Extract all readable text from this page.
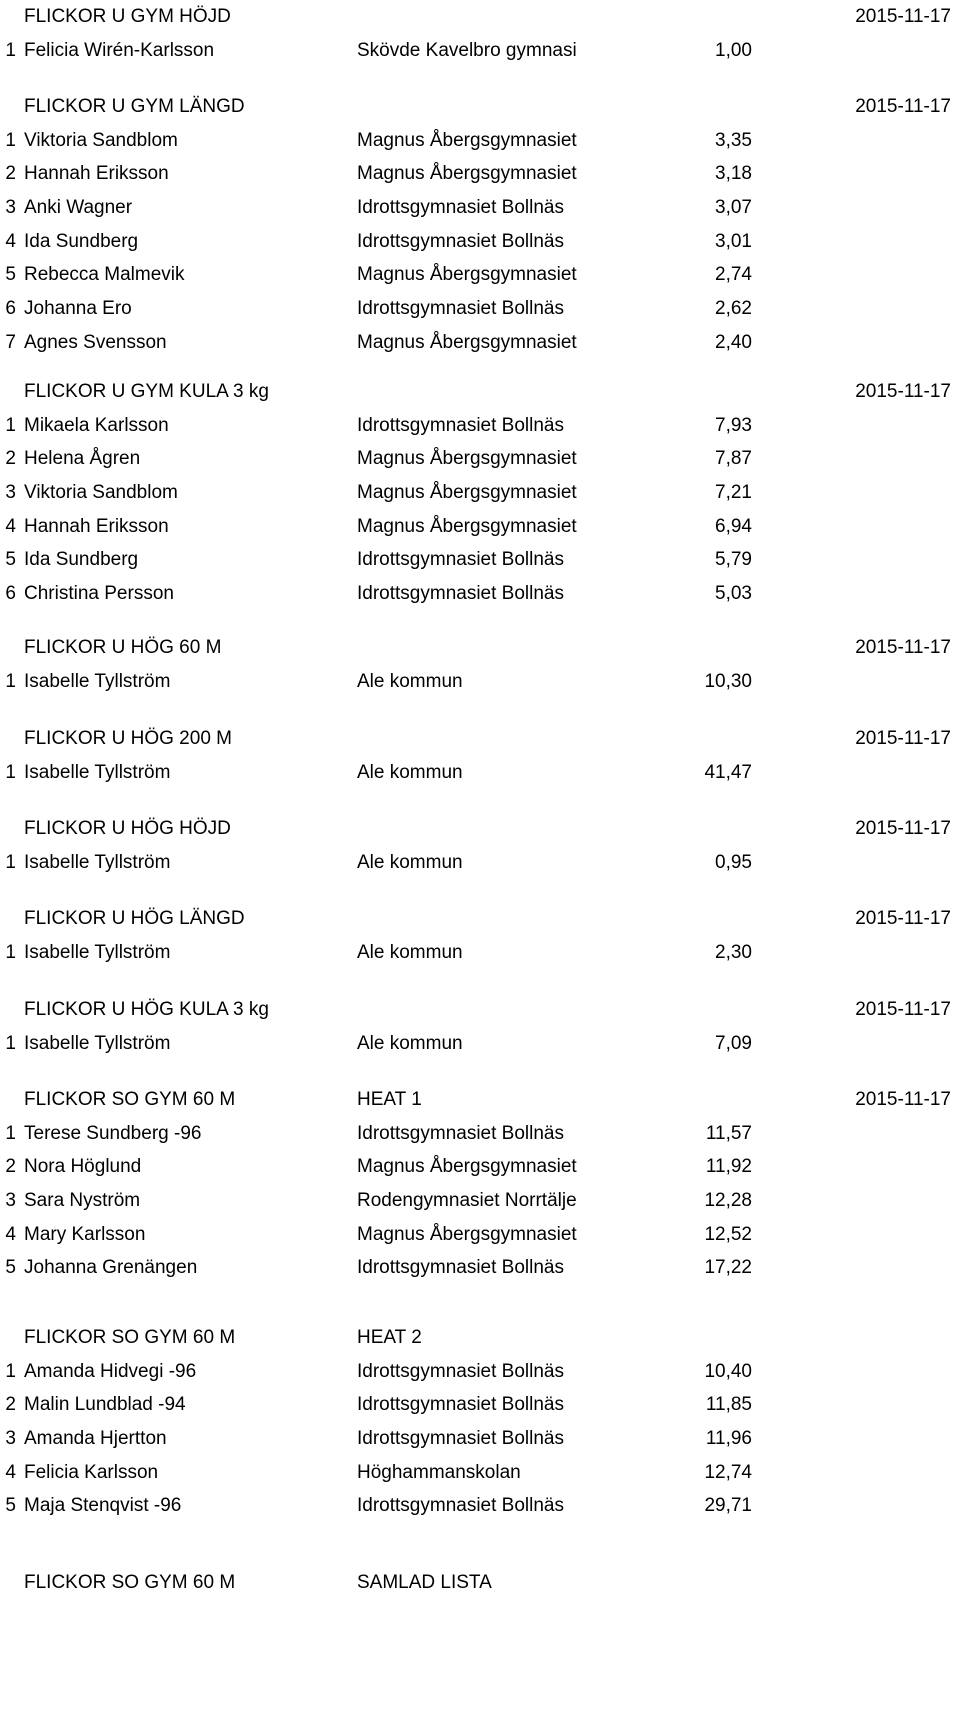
FLICKOR U GYM HÖJD	2015-11-17
1 Felicia Wirén-Karlsson	Skövde Kavelbro gymnasi	1,00
FLICKOR U GYM LÄNGD	2015-11-17
1 Viktoria Sandblom	Magnus Åbergsgymnasiet	3,35
2 Hannah Eriksson	Magnus Åbergsgymnasiet	3,18
3 Anki Wagner	Idrottsgymnasiet Bollnäs	3,07
4 Ida Sundberg	Idrottsgymnasiet Bollnäs	3,01
5 Rebecca Malmevik	Magnus Åbergsgymnasiet	2,74
6 Johanna Ero	Idrottsgymnasiet Bollnäs	2,62
7 Agnes Svensson	Magnus Åbergsgymnasiet	2,40
FLICKOR U GYM KULA 3 kg	2015-11-17
1 Mikaela Karlsson	Idrottsgymnasiet Bollnäs	7,93
2 Helena Ågren	Magnus Åbergsgymnasiet	7,87
3 Viktoria Sandblom	Magnus Åbergsgymnasiet	7,21
4 Hannah Eriksson	Magnus Åbergsgymnasiet	6,94
5 Ida Sundberg	Idrottsgymnasiet Bollnäs	5,79
6 Christina Persson	Idrottsgymnasiet Bollnäs	5,03
FLICKOR U HÖG 60 M	2015-11-17
1 Isabelle Tyllström	Ale kommun	10,30
FLICKOR U HÖG 200 M	2015-11-17
1 Isabelle Tyllström	Ale kommun	41,47
FLICKOR U HÖG HÖJD	2015-11-17
1 Isabelle Tyllström	Ale kommun	0,95
FLICKOR U HÖG LÄNGD	2015-11-17
1 Isabelle Tyllström	Ale kommun	2,30
FLICKOR U HÖG KULA 3 kg	2015-11-17
1 Isabelle Tyllström	Ale kommun	7,09
FLICKOR SO GYM 60 M	HEAT 1	2015-11-17
1 Terese Sundberg -96	Idrottsgymnasiet Bollnäs	11,57
2 Nora Höglund	Magnus Åbergsgymnasiet	11,92
3 Sara Nyström	Rodengymnasiet Norrtälje	12,28
4 Mary Karlsson	Magnus Åbergsgymnasiet	12,52
5 Johanna Grenängen	Idrottsgymnasiet Bollnäs	17,22
FLICKOR SO GYM 60 M	HEAT 2
1 Amanda Hidvegi -96	Idrottsgymnasiet Bollnäs	10,40
2 Malin Lundblad -94	Idrottsgymnasiet Bollnäs	11,85
3 Amanda Hjertton	Idrottsgymnasiet Bollnäs	11,96
4 Felicia Karlsson	Höghammanskolan	12,74
5 Maja Stenqvist -96	Idrottsgymnasiet Bollnäs	29,71
FLICKOR SO GYM 60 M	SAMLAD LISTA
